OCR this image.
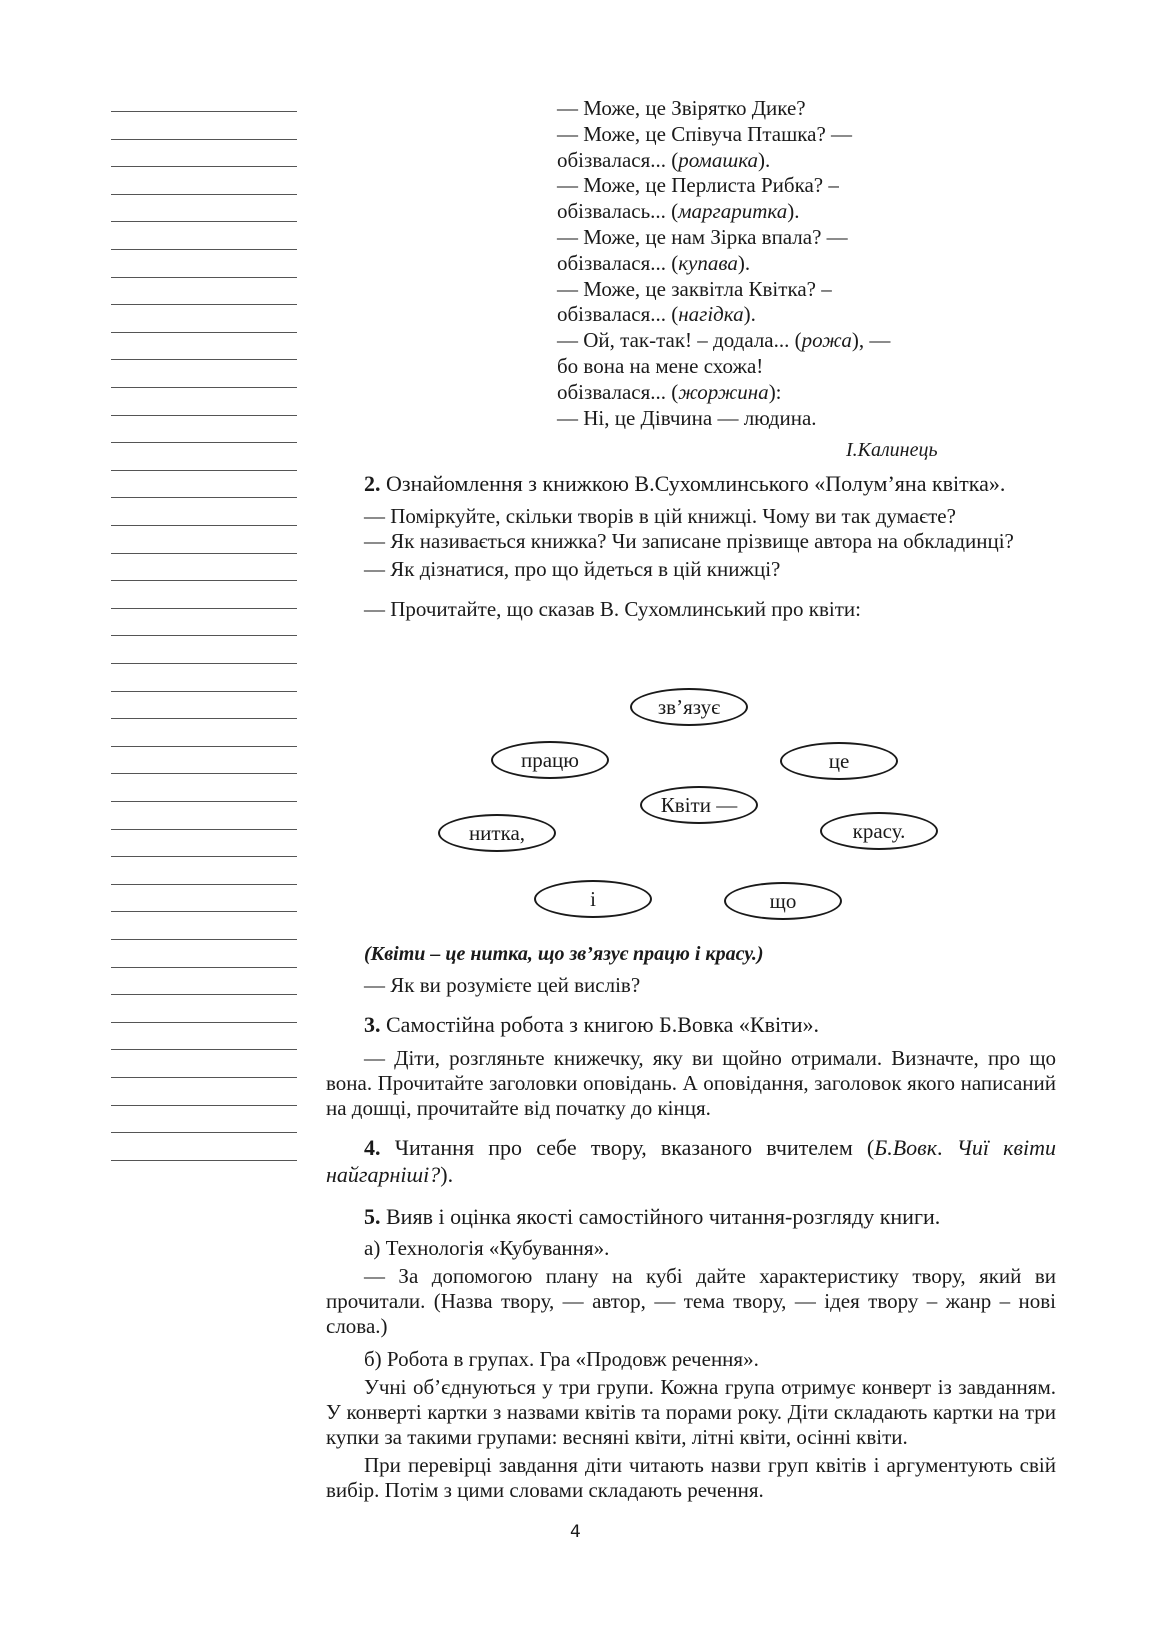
— Може, це Звірятко Дике?
— Може, це Співуча Пташка? —
обізвалася... (ромашка).
— Може, це Перлиста Рибка? –
обізвалась... (маргаритка).
— Може, це нам Зірка впала? —
обізвалася... (купава).
— Може, це заквітла Квітка? –
обізвалася... (нагідка).
— Ой, так-так! – додала... (рожа), —
бо вона на мене схожа!
обізвалася... (жоржина):
— Ні, це Дівчина — людина.
І.Калинець

2. Ознайомлення з книжкою В.Сухомлинського «Полум’яна квітка».

— Поміркуйте, скільки творів в цій книжці. Чому ви так думаєте?

— Як називається книжка? Чи записане прізвище автора на обкладинці?

— Як дізнатися, про що йдеться в цій книжці?

— Прочитайте, що сказав В. Сухомлинський про квіти:

зв’язує
працю	це
Квіти —
нитка,	красу.
і	що

(Квіти – це нитка, що зв’язує працю і красу.)

— Як ви розумієте цей вислів?

3. Самостійна робота з книгою Б.Вовка «Квіти».

— Діти, розгляньте книжечку, яку ви щойно отримали. Визначте, про що вона. Прочитайте заголовки оповідань. А оповідання, заголовок якого написаний на дошці, прочитайте від початку до кінця.

4. Читання про себе твору, вказаного вчителем (Б.Вовк. Чиї квіти найгарніші?).

5. Вияв і оцінка якості самостійного читання-розгляду книги.

а) Технологія «Кубування».

— За допомогою плану на кубі дайте характеристику твору, який ви прочитали. (Назва твору, — автор, — тема твору, — ідея твору – жанр – нові слова.)

б) Робота в групах. Гра «Продовж речення».

Учні об’єднуються у три групи. Кожна група отримує конверт із завданням. У конверті картки з назвами квітів та порами року. Діти складають картки на три купки за такими групами: весняні квіти, літні квіти, осінні квіти.

При перевірці завдання діти читають назви груп квітів і аргументують свій вибір. Потім з цими словами складають речення.

4
